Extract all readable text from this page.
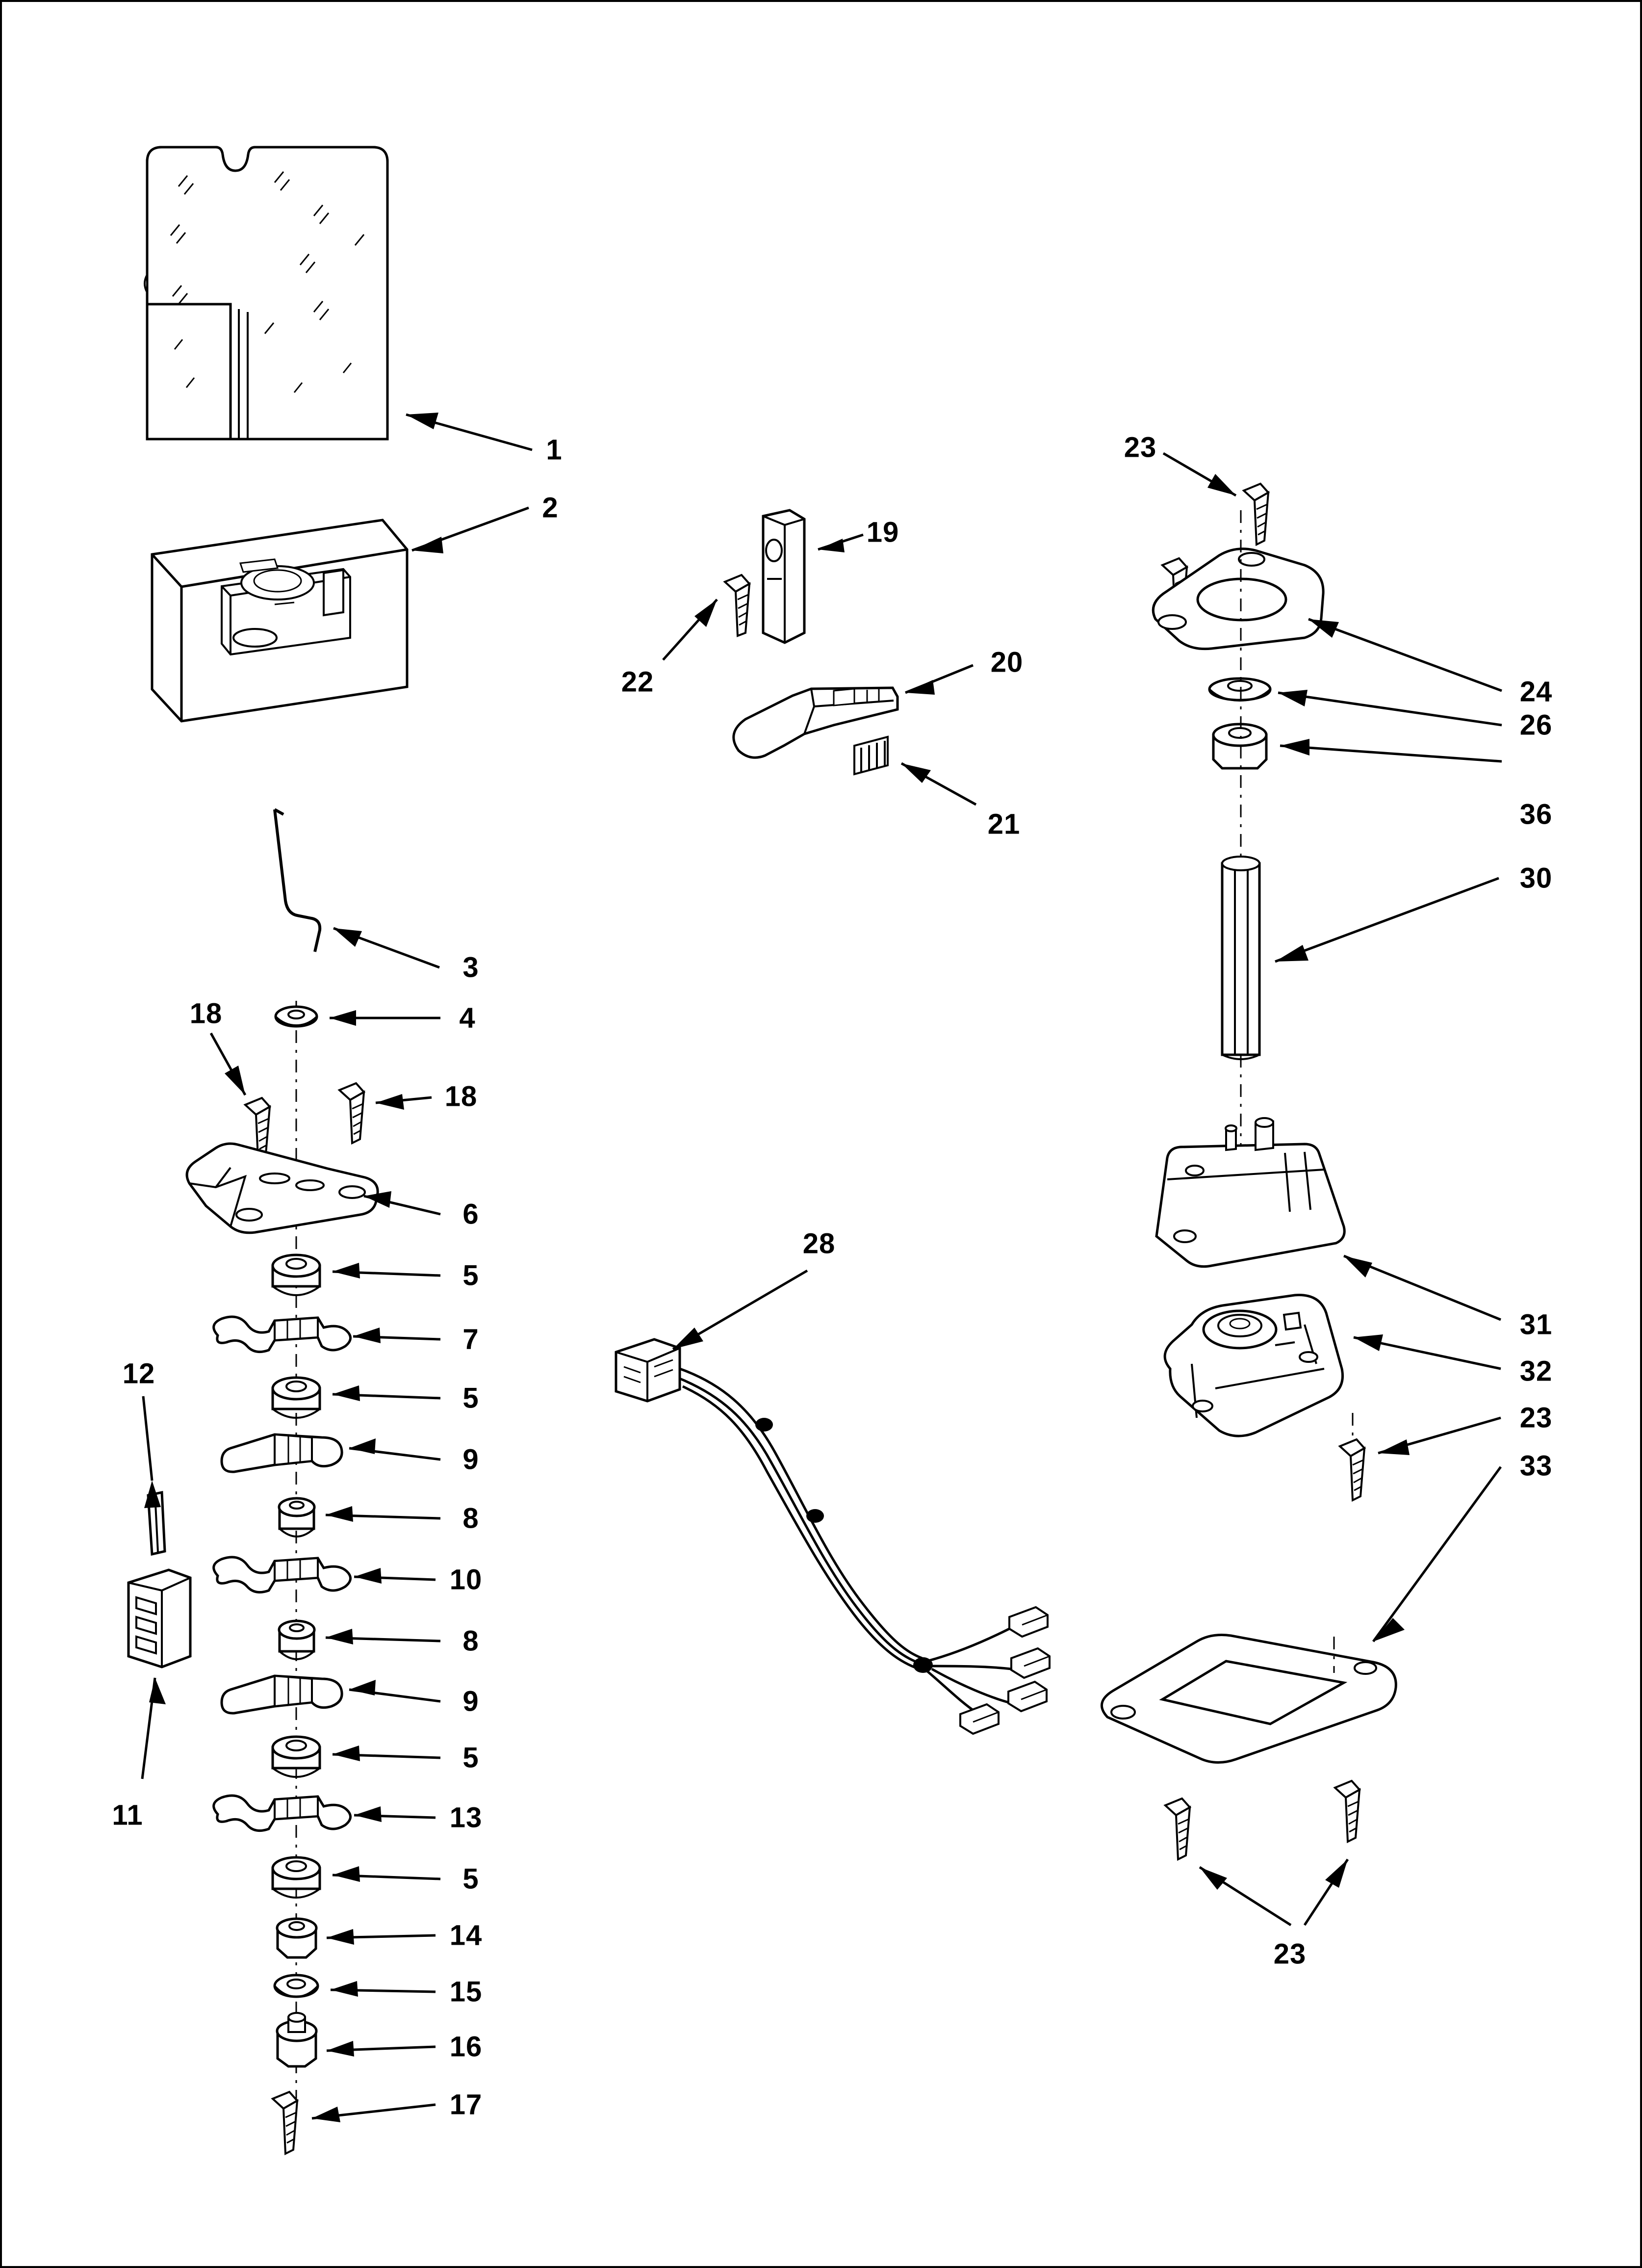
1
2
19
22
20
21
23
24
26
36
30
3
18	4
18
6
5
7
5
12
9
8
10
8
9
11
5
13
5
14
15
16
17
28
31
32
23
33
23
